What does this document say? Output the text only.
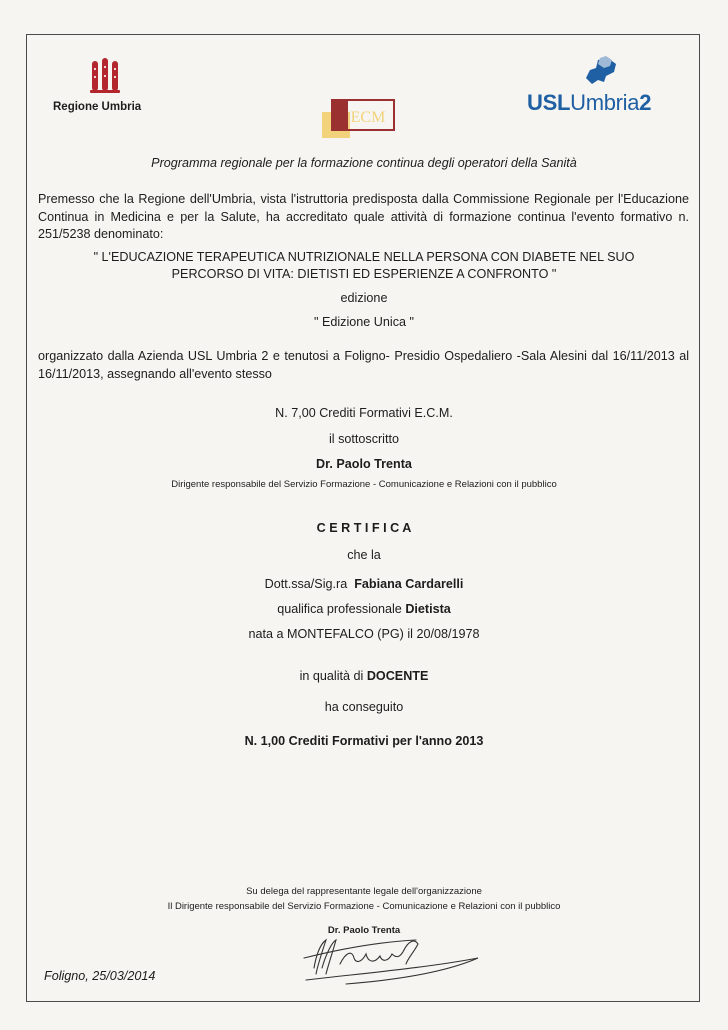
Regione Umbria
ECM
USLUmbria2
Programma regionale per la formazione continua degli operatori della Sanità
Premesso che la Regione dell'Umbria, vista l'istruttoria predisposta dalla Commissione Regionale per l'Educazione Continua in Medicina e per la Salute, ha accreditato quale attività di formazione continua l'evento formativo n. 251/5238 denominato:
" L'EDUCAZIONE TERAPEUTICA NUTRIZIONALE NELLA PERSONA CON DIABETE NEL SUO
PERCORSO DI VITA: DIETISTI ED ESPERIENZE A CONFRONTO "
edizione
" Edizione Unica "
organizzato dalla Azienda USL Umbria 2 e tenutosi a Foligno- Presidio Ospedaliero -Sala Alesini dal 16/11/2013 al 16/11/2013, assegnando all'evento stesso
N. 7,00 Crediti Formativi E.C.M.
il sottoscritto
Dr. Paolo Trenta
Dirigente responsabile del Servizio Formazione - Comunicazione e Relazioni con il pubblico
C E R T I F I C A
che la
Dott.ssa/Sig.ra Fabiana Cardarelli
qualifica professionale Dietista
nata a MONTEFALCO (PG) il 20/08/1978
in qualità di DOCENTE
ha conseguito
N. 1,00 Crediti Formativi per l'anno 2013
Su delega del rappresentante legale dell'organizzazione
Il Dirigente responsabile del Servizio Formazione - Comunicazione e Relazioni con il pubblico
Dr. Paolo Trenta
Foligno, 25/03/2014
